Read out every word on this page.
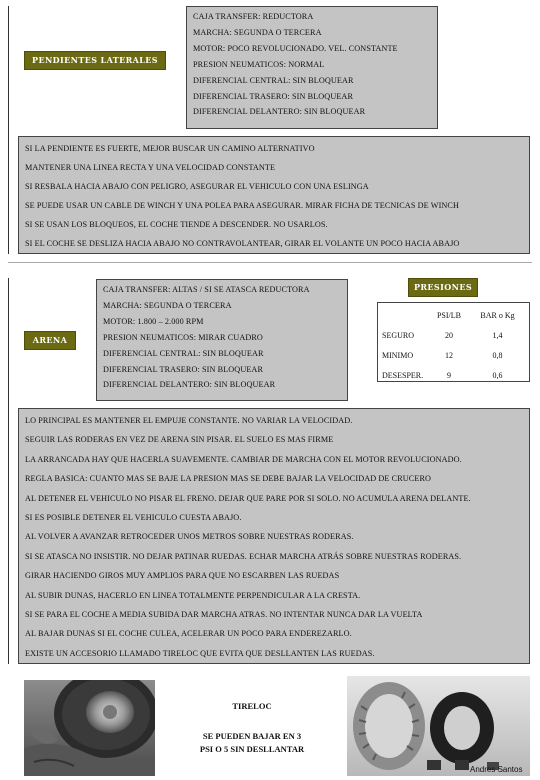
PENDIENTES LATERALES
CAJA TRANSFER: REDUCTORA
MARCHA: SEGUNDA O TERCERA
MOTOR: POCO REVOLUCIONADO. VEL. CONSTANTE
PRESION NEUMATICOS: NORMAL
DIFERENCIAL CENTRAL: SIN BLOQUEAR
DIFERENCIAL TRASERO: SIN BLOQUEAR
DIFERENCIAL DELANTERO: SIN BLOQUEAR
SI LA PENDIENTE ES FUERTE, MEJOR BUSCAR UN CAMINO ALTERNATIVO
MANTENER UNA LINEA RECTA Y UNA VELOCIDAD CONSTANTE
SI RESBALA HACIA ABAJO CON PELIGRO, ASEGURAR EL VEHICULO CON UNA ESLINGA
SE PUEDE USAR UN CABLE DE WINCH Y UNA POLEA PARA ASEGURAR. MIRAR FICHA DE TECNICAS DE WINCH
SI SE USAN LOS BLOQUEOS, EL COCHE TIENDE A DESCENDER. NO USARLOS.
SI EL COCHE SE DESLIZA HACIA ABAJO NO CONTRAVOLANTEAR, GIRAR EL VOLANTE UN POCO HACIA ABAJO
ARENA
CAJA TRANSFER: ALTAS / SI SE ATASCA REDUCTORA
MARCHA: SEGUNDA O TERCERA
MOTOR: 1.800 – 2.000 RPM
PRESION NEUMATICOS: MIRAR CUADRO
DIFERENCIAL CENTRAL: SIN BLOQUEAR
DIFERENCIAL TRASERO: SIN BLOQUEAR
DIFERENCIAL DELANTERO: SIN BLOQUEAR
PRESIONES
	PSI/LB	BAR o Kg
SEGURO	20	1,4
MINIMO	12	0,8
DESESPER.	9	0,6
LO PRINCIPAL ES MANTENER EL EMPUJE CONSTANTE. NO VARIAR LA VELOCIDAD.
SEGUIR LAS RODERAS EN VEZ DE ARENA SIN PISAR. EL SUELO ES MAS FIRME
LA ARRANCADA HAY QUE HACERLA SUAVEMENTE. CAMBIAR DE MARCHA CON EL MOTOR REVOLUCIONADO.
REGLA BASICA: CUANTO MAS SE BAJE LA PRESION MAS SE DEBE BAJAR LA VELOCIDAD DE CRUCERO
AL DETENER EL VEHICULO NO PISAR EL FRENO. DEJAR QUE PARE POR SI SOLO. NO ACUMULA ARENA DELANTE.
SI ES POSIBLE DETENER EL VEHICULO CUESTA ABAJO.
AL VOLVER A AVANZAR RETROCEDER UNOS METROS SOBRE NUESTRAS RODERAS.
SI SE ATASCA NO INSISTIR. NO DEJAR PATINAR RUEDAS. ECHAR MARCHA ATRÁS SOBRE NUESTRAS RODERAS.
GIRAR HACIENDO GIROS MUY AMPLIOS PARA QUE NO ESCARBEN LAS RUEDAS
AL SUBIR DUNAS, HACERLO EN LINEA TOTALMENTE PERPENDICULAR A LA CRESTA.
SI SE PARA EL COCHE A MEDIA SUBIDA DAR MARCHA ATRAS. NO INTENTAR NUNCA DAR LA VUELTA
AL BAJAR DUNAS SI EL COCHE CULEA, ACELERAR UN POCO PARA ENDEREZARLO.
EXISTE UN ACCESORIO LLAMADO TIRELOC QUE EVITA QUE DESLLANTEN LAS RUEDAS.
TIRELOC
SE PUEDEN BAJAR EN 3
PSI O 5 SIN DESLLANTAR
Andres Santos
